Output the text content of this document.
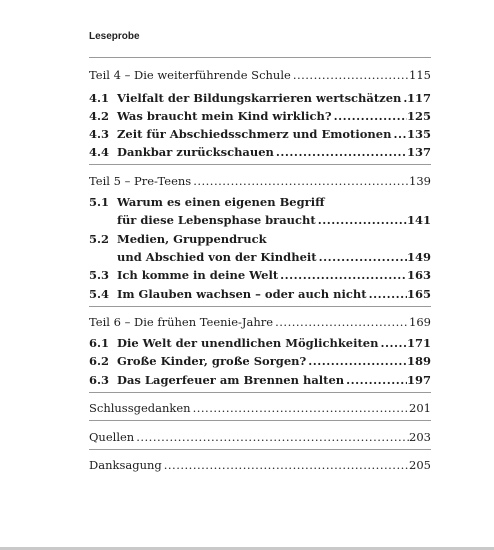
Leseprobe
Teil 4 – Die weiterführende Schule .....	115
4.1 Vielfalt der Bildungskarrieren wertschätzen ..... 117
4.2 Was braucht mein Kind wirklich? .....	125
4.3 Zeit für Abschiedsschmerz und Emotionen ..... 135
4.4 Dankbar zurückschauen .....	137
Teil 5 – Pre-Teens .....	139
5.1 Warum es einen eigenen Begriff
für diese Lebensphase braucht .....	141
5.2 Medien, Gruppendruck
und Abschied von der Kindheit .....	149
5.3 Ich komme in deine Welt .....	163
5.4 Im Glauben wachsen – oder auch nicht .....	165
Teil 6 – Die frühen Teenie-Jahre .....	169
6.1 Die Welt der unendlichen Möglichkeiten ..... 171
6.2 Große Kinder, große Sorgen? .....	189
6.3 Das Lagerfeuer am Brennen halten .....	197
Schlussgedanken .....	201
Quellen .....	203
Danksagung .....	205
